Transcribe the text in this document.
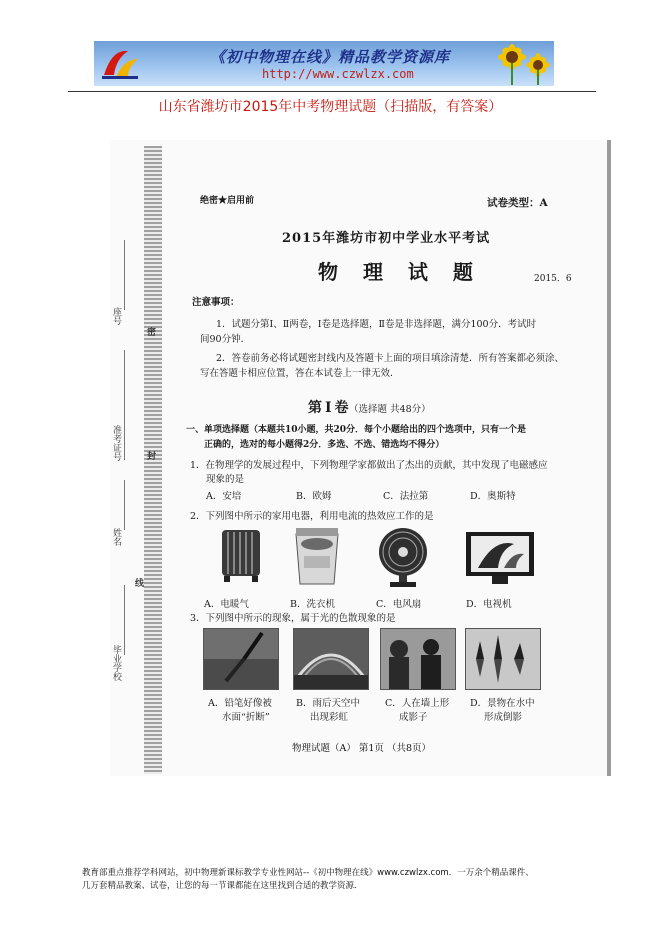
《初中物理在线》精品教学资源库
http://www.czwlzx.com
山东省潍坊市2015年中考物理试题（扫描版，有答案）
座号
准考证号
姓名
毕业学校
密
封
线
绝密★启用前	试卷类型：A
2015年潍坊市初中学业水平考试
物 理 试 题	2015．6
注意事项：
1．试题分第Ⅰ、Ⅱ两卷，Ⅰ卷是选择题，Ⅱ卷是非选择题，满分100分．考试时
间90分钟．
2．答卷前务必将试题密封线内及答题卡上面的项目填涂清楚．所有答案都必须涂、
写在答题卡相应位置，答在本试卷上一律无效．
第Ⅰ卷
（选择题 共48分）
一、单项选择题（本题共10小题，共20分．每个小题给出的四个选项中，只有一个是
正确的，选对的每小题得2分．多选、不选、错选均不得分）
1．在物理学的发展过程中，下列物理学家都做出了杰出的贡献，其中发现了电磁感应
现象的是
A．安培	B．欧姆	C．法拉第	D．奥斯特
2．下列图中所示的家用电器，利用电流的热效应工作的是
A．电暖气	B．洗衣机	C．电风扇	D．电视机
3．下列图中所示的现象，属于光的色散现象的是
A．铅笔好像被
水面“折断”
B．雨后天空中
出现彩虹
C．人在墙上形
成影子
D．景物在水中
形成倒影
物理试题（A） 第1页 （共8页）
教育部重点推荐学科网站，初中物理新课标教学专业性网站--《初中物理在线》www.czwlzx.com．一万余个精品课件、
几万套精品教案、试卷，让您的每一节课都能在这里找到合适的教学资源．
